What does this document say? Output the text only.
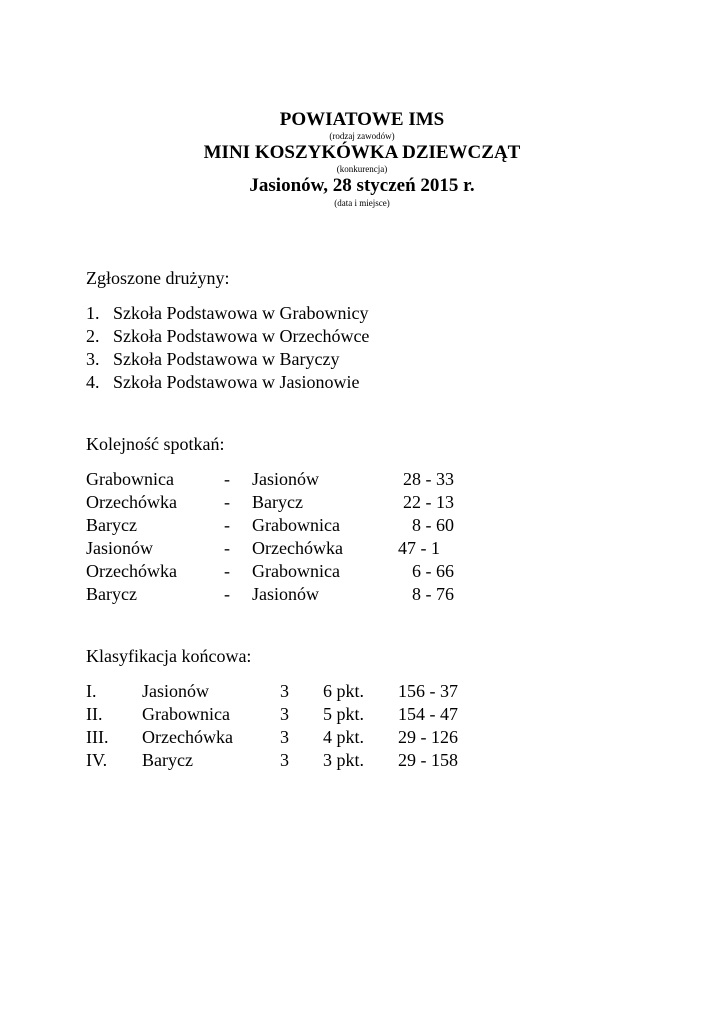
POWIATOWE IMS
(rodzaj zawodów)
MINI KOSZYKÓWKA DZIEWCZĄT
(konkurencja)
Jasionów, 28 styczeń 2015 r.
(data i miejsce)
Zgłoszone drużyny:
1. Szkoła Podstawowa w Grabownicy
2. Szkoła Podstawowa w Orzechówce
3. Szkoła Podstawowa w Baryczy
4. Szkoła Podstawowa w Jasionowie
Kolejność spotkań:
Grabownica	- Jasionów	28 - 33
Orzechówka	- Barycz	22 - 13
Barycz	- Grabownica	8 - 60
Jasionów	- Orzechówka	47 - 1
Orzechówka	- Grabownica	6 - 66
Barycz	- Jasionów	8 - 76
Klasyfikacja końcowa:
I.	Jasionów	3 6 pkt.	156 - 37
II. Grabownica	3 5 pkt.	154 - 47
III. Orzechówka	3 4 pkt.	29 - 126
IV. Barycz	3 3 pkt.	29 - 158
